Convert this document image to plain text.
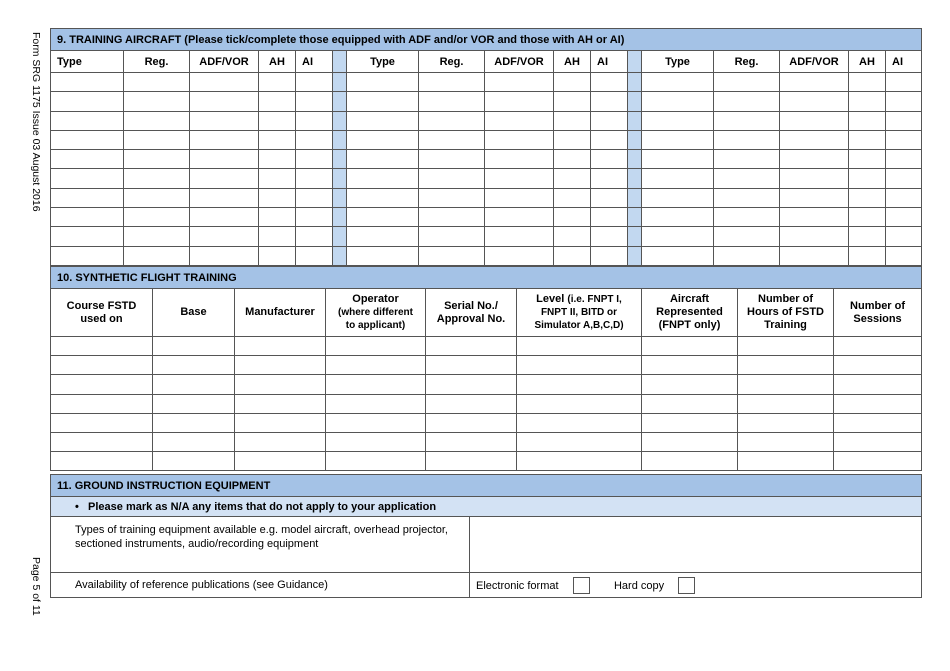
Form SRG 1175 Issue 03 August 2016
Page 5 of 11
9. TRAINING AIRCRAFT (Please tick/complete those equipped with ADF and/or VOR and those with AH or AI)																
Type	Reg.	ADF/VOR	AH	AI		Type	Reg.	ADF/VOR	AH	AI		Type	Reg.	ADF/VOR	AH	AI

10. SYNTHETIC FLIGHT TRAINING								
Course FSTD
used on	Base	Manufacturer	Operator
(where different
to applicant)	Serial No./
Approval No.	Level (i.e. FNPT I,
FNPT II, BITD or
Simulator A,B,C,D)	Aircraft
Represented
(FNPT only)	Number of
Hours of FSTD
Training	Number of
Sessions

11. GROUND INSTRUCTION EQUIPMENT	
•   Please mark as N/A any items that do not apply to your application	
Types of training equipment available e.g. model aircraft, overhead projector,
sectioned instruments, audio/recording equipment	
Availability of reference publications (see Guidance)	Electronic format
Hard copy
